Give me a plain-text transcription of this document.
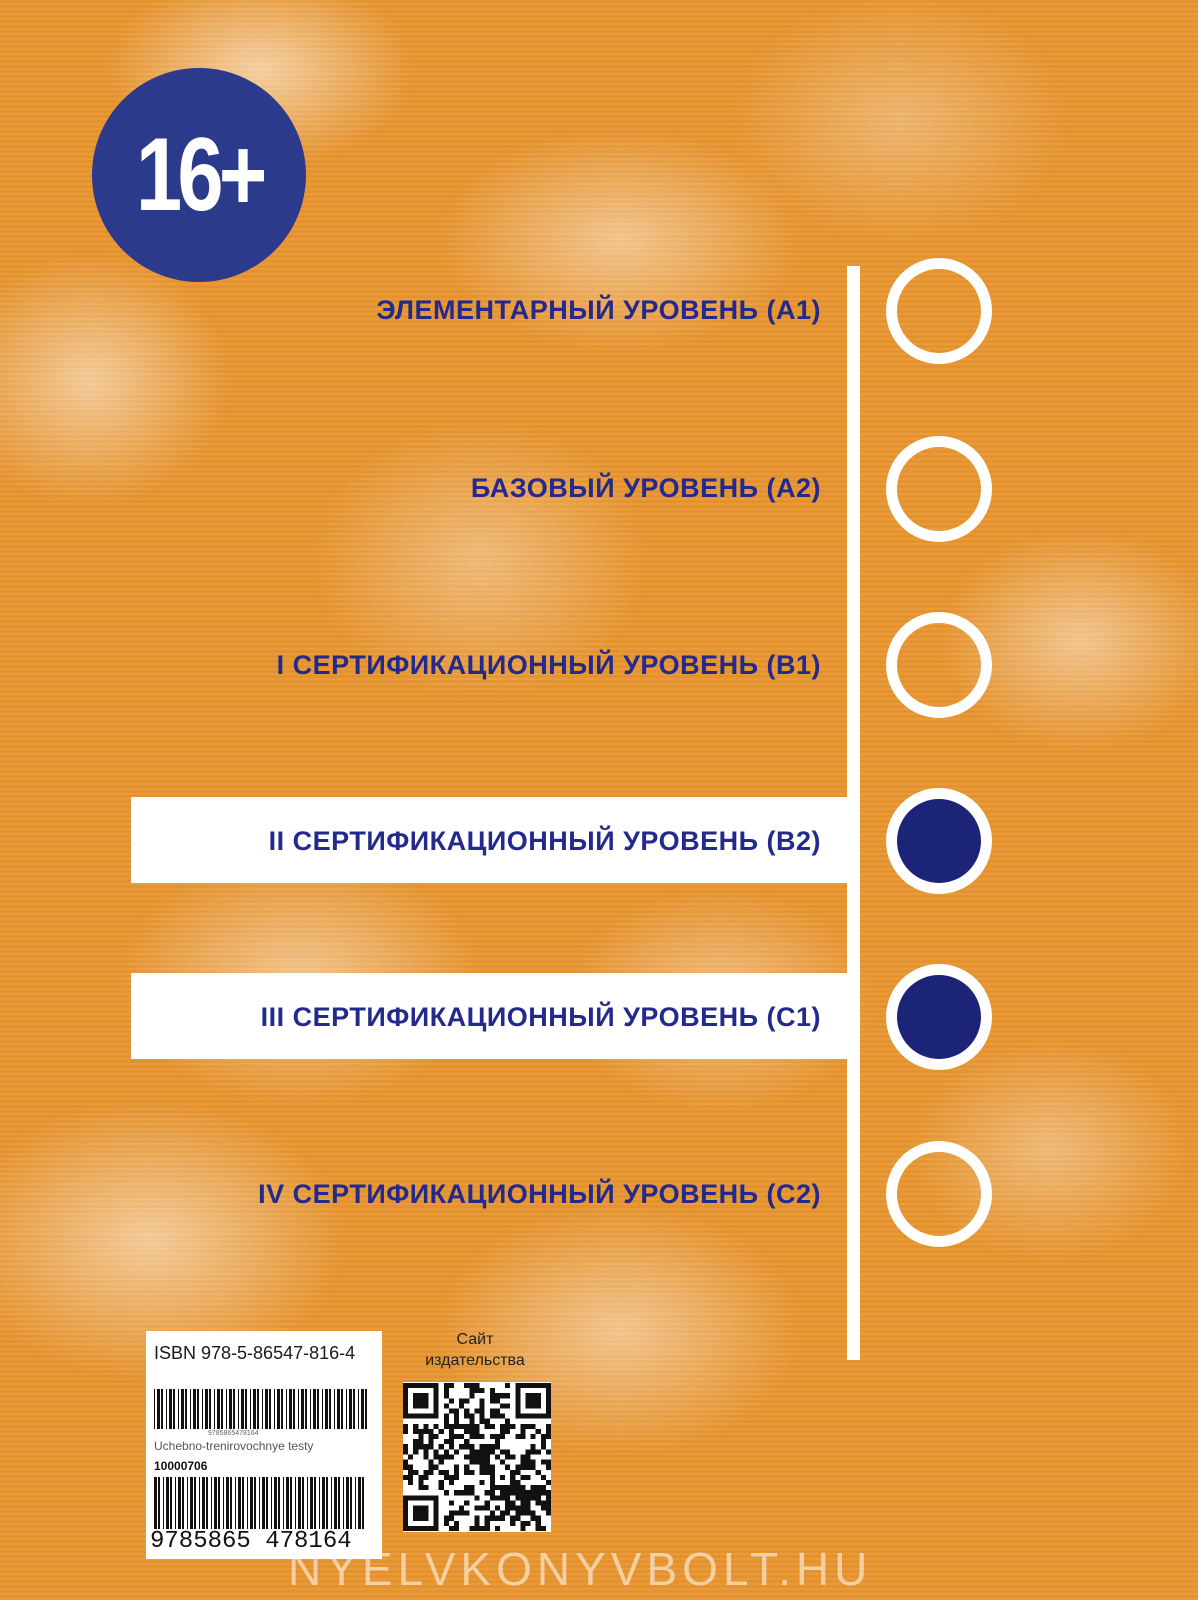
16+
ЭЛЕМЕНТАРНЫЙ УРОВЕНЬ (А1)
БАЗОВЫЙ УРОВЕНЬ (А2)
I СЕРТИФИКАЦИОННЫЙ УРОВЕНЬ (В1)
II СЕРТИФИКАЦИОННЫЙ УРОВЕНЬ (В2)
III СЕРТИФИКАЦИОННЫЙ УРОВЕНЬ (С1)
IV СЕРТИФИКАЦИОННЫЙ УРОВЕНЬ (С2)
ISBN 978-5-86547-816-4
9785865478164
Uchebno-trenirovochnye testy
10000706
9785865 478164
Сайт
издательства
NYELVKONYVBOLT.HU
